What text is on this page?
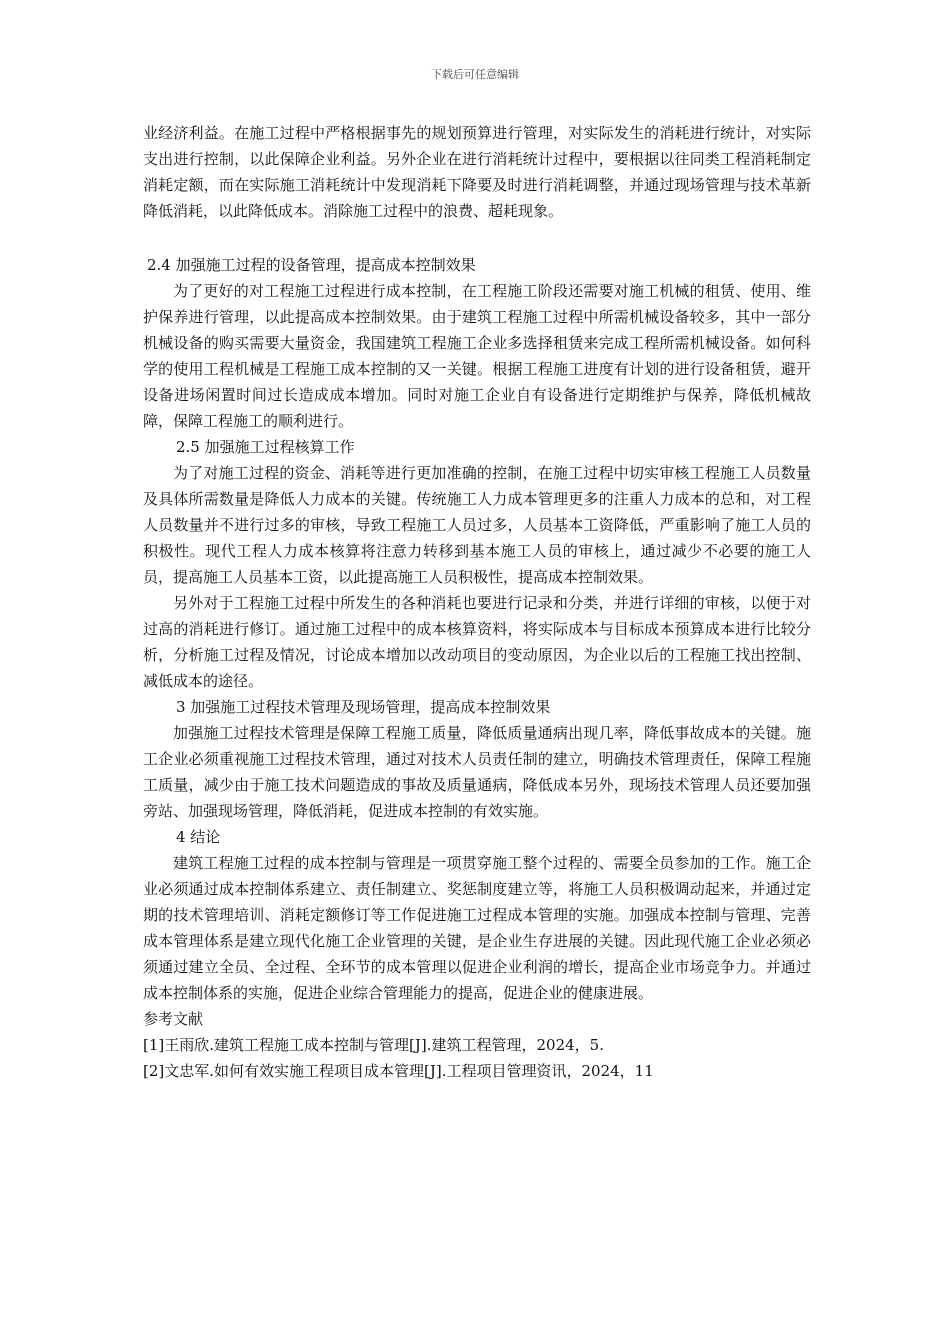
下载后可任意编辑

业经济利益。在施工过程中严格根据事先的规划预算进行管理，对实际发生的消耗进行统计，对实际支出进行控制，以此保障企业利益。另外企业在进行消耗统计过程中，要根据以往同类工程消耗制定消耗定额，而在实际施工消耗统计中发现消耗下降要及时进行消耗调整，并通过现场管理与技术革新降低消耗，以此降低成本。消除施工过程中的浪费、超耗现象。

2.4 加强施工过程的设备管理，提高成本控制效果

为了更好的对工程施工过程进行成本控制，在工程施工阶段还需要对施工机械的租赁、使用、维护保养进行管理，以此提高成本控制效果。由于建筑工程施工过程中所需机械设备较多，其中一部分机械设备的购买需要大量资金，我国建筑工程施工企业多选择租赁来完成工程所需机械设备。如何科学的使用工程机械是工程施工成本控制的又一关键。根据工程施工进度有计划的进行设备租赁，避开设备进场闲置时间过长造成成本增加。同时对施工企业自有设备进行定期维护与保养，降低机械故障，保障工程施工的顺利进行。

2.5 加强施工过程核算工作

为了对施工过程的资金、消耗等进行更加准确的控制，在施工过程中切实审核工程施工人员数量及具体所需数量是降低人力成本的关键。传统施工人力成本管理更多的注重人力成本的总和，对工程人员数量并不进行过多的审核，导致工程施工人员过多，人员基本工资降低，严重影响了施工人员的积极性。现代工程人力成本核算将注意力转移到基本施工人员的审核上，通过减少不必要的施工人员，提高施工人员基本工资，以此提高施工人员积极性，提高成本控制效果。

另外对于工程施工过程中所发生的各种消耗也要进行记录和分类，并进行详细的审核，以便于对过高的消耗进行修订。通过施工过程中的成本核算资料，将实际成本与目标成本预算成本进行比较分析，分析施工过程及情况，讨论成本增加以改动项目的变动原因，为企业以后的工程施工找出控制、减低成本的途径。

3 加强施工过程技术管理及现场管理，提高成本控制效果

加强施工过程技术管理是保障工程施工质量，降低质量通病出现几率，降低事故成本的关键。施工企业必须重视施工过程技术管理，通过对技术人员责任制的建立，明确技术管理责任，保障工程施工质量，减少由于施工技术问题造成的事故及质量通病，降低成本另外，现场技术管理人员还要加强旁站、加强现场管理，降低消耗，促进成本控制的有效实施。

4 结论

建筑工程施工过程的成本控制与管理是一项贯穿施工整个过程的、需要全员参加的工作。施工企业必须通过成本控制体系建立、责任制建立、奖惩制度建立等，将施工人员积极调动起来，并通过定期的技术管理培训、消耗定额修订等工作促进施工过程成本管理的实施。加强成本控制与管理、完善成本管理体系是建立现代化施工企业管理的关键，是企业生存进展的关键。因此现代施工企业必须必须通过建立全员、全过程、全环节的成本管理以促进企业利润的增长，提高企业市场竞争力。并通过成本控制体系的实施，促进企业综合管理能力的提高，促进企业的健康进展。

参考文献

[1]王雨欣.建筑工程施工成本控制与管理[J].建筑工程管理，2024，5.

[2]文忠军.如何有效实施工程项目成本管理[J].工程项目管理资讯，2024，11
